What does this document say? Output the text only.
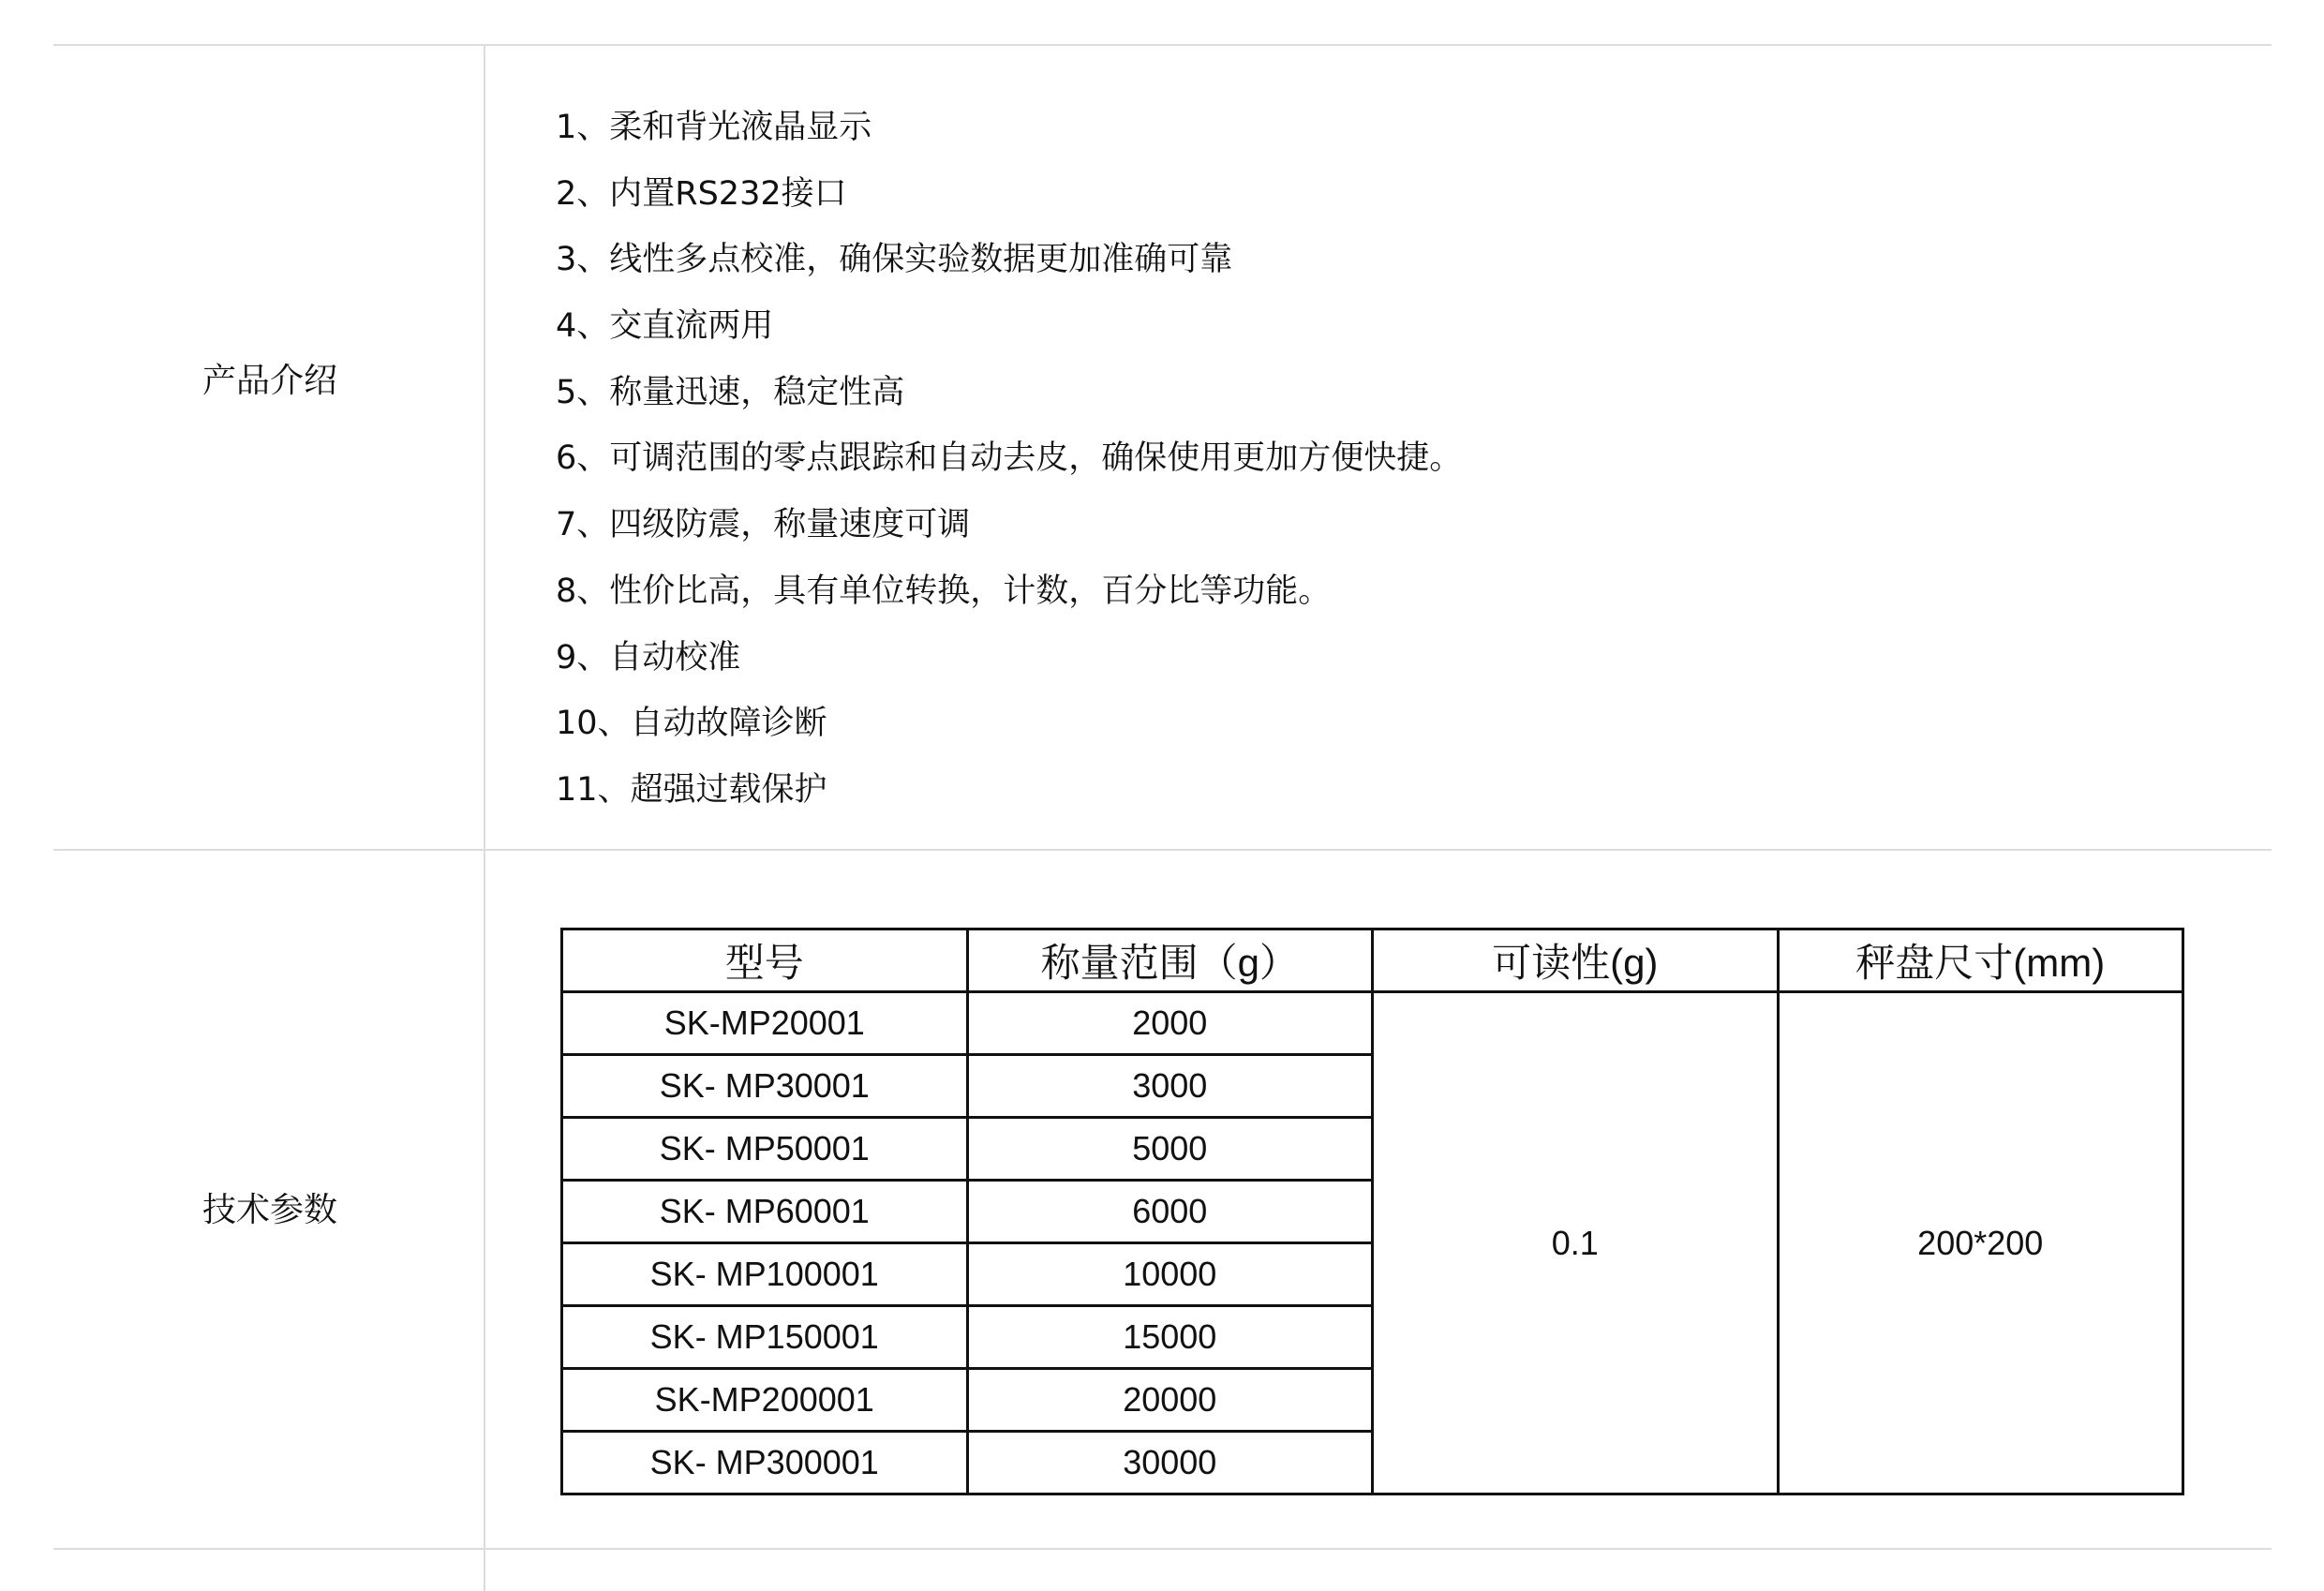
产品介绍
1、柔和背光液晶显示
2、内置RS232接口
3、线性多点校准，确保实验数据更加准确可靠
4、交直流两用
5、称量迅速，稳定性高
6、可调范围的零点跟踪和自动去皮，确保使用更加方便快捷。
7、四级防震，称量速度可调
8、性价比高，具有单位转换，计数，百分比等功能。
9、自动校准
10、自动故障诊断
11、超强过载保护
技术参数
型号	称量范围（g）	可读性(g)	秤盘尺寸(mm)
SK-MP20001	2000	0.1	200*200
SK- MP30001	3000		
SK- MP50001	5000		
SK- MP60001	6000		
SK- MP100001	10000		
SK- MP150001	15000		
SK-MP200001	20000		
SK- MP300001	30000		
